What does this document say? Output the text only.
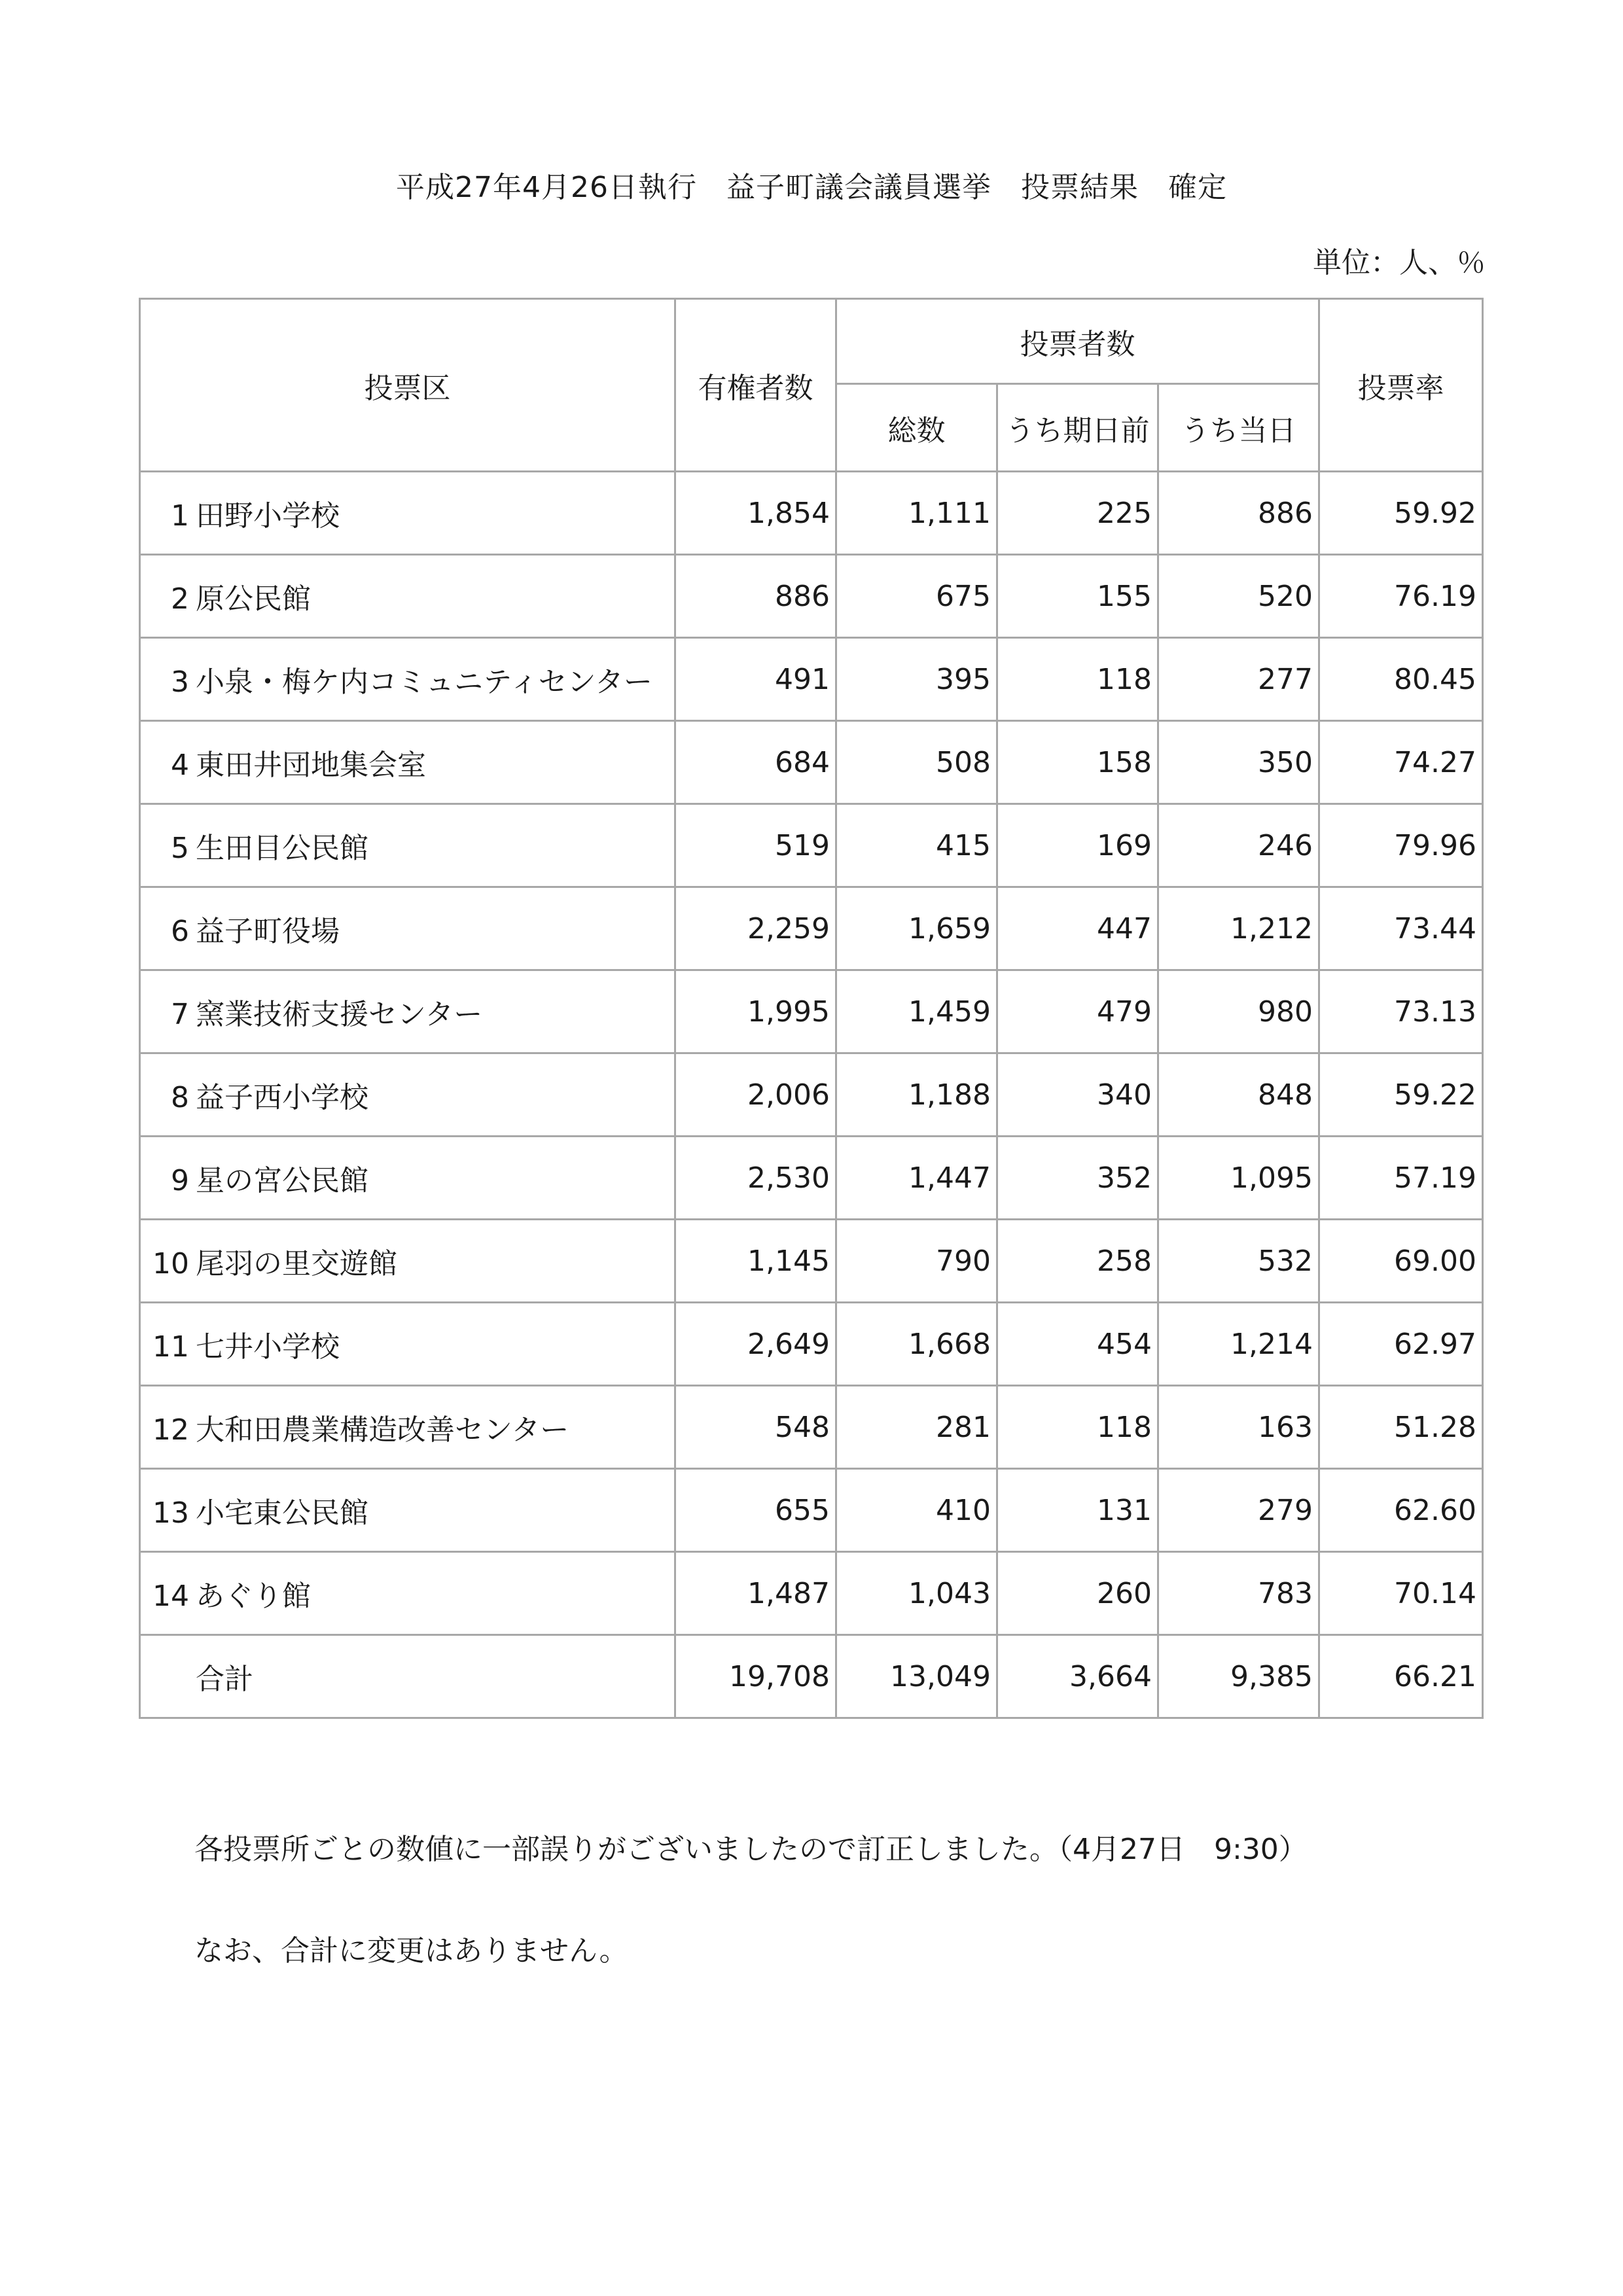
平成27年4月26日執行　益子町議会議員選挙　投票結果　確定
単位：人、％
投票区	有権者数	投票者数			投票率
		総数	うち期日前	うち当日	
1 田野小学校	1,854	1,111	225	886	59.92
2 原公民館	886	675	155	520	76.19
3 小泉・梅ケ内コミュニティセンター	491	395	118	277	80.45
4 東田井団地集会室	684	508	158	350	74.27
5 生田目公民館	519	415	169	246	79.96
6 益子町役場	2,259	1,659	447	1,212	73.44
7 窯業技術支援センター	1,995	1,459	479	980	73.13
8 益子西小学校	2,006	1,188	340	848	59.22
9 星の宮公民館	2,530	1,447	352	1,095	57.19
10 尾羽の里交遊館	1,145	790	258	532	69.00
11 七井小学校	2,649	1,668	454	1,214	62.97
12 大和田農業構造改善センター	548	281	118	163	51.28
13 小宅東公民館	655	410	131	279	62.60
14 あぐり館	1,487	1,043	260	783	70.14
合計	19,708	13,049	3,664	9,385	66.21
各投票所ごとの数値に一部誤りがございましたので訂正しました。（4月27日　9:30）
なお、合計に変更はありません。
